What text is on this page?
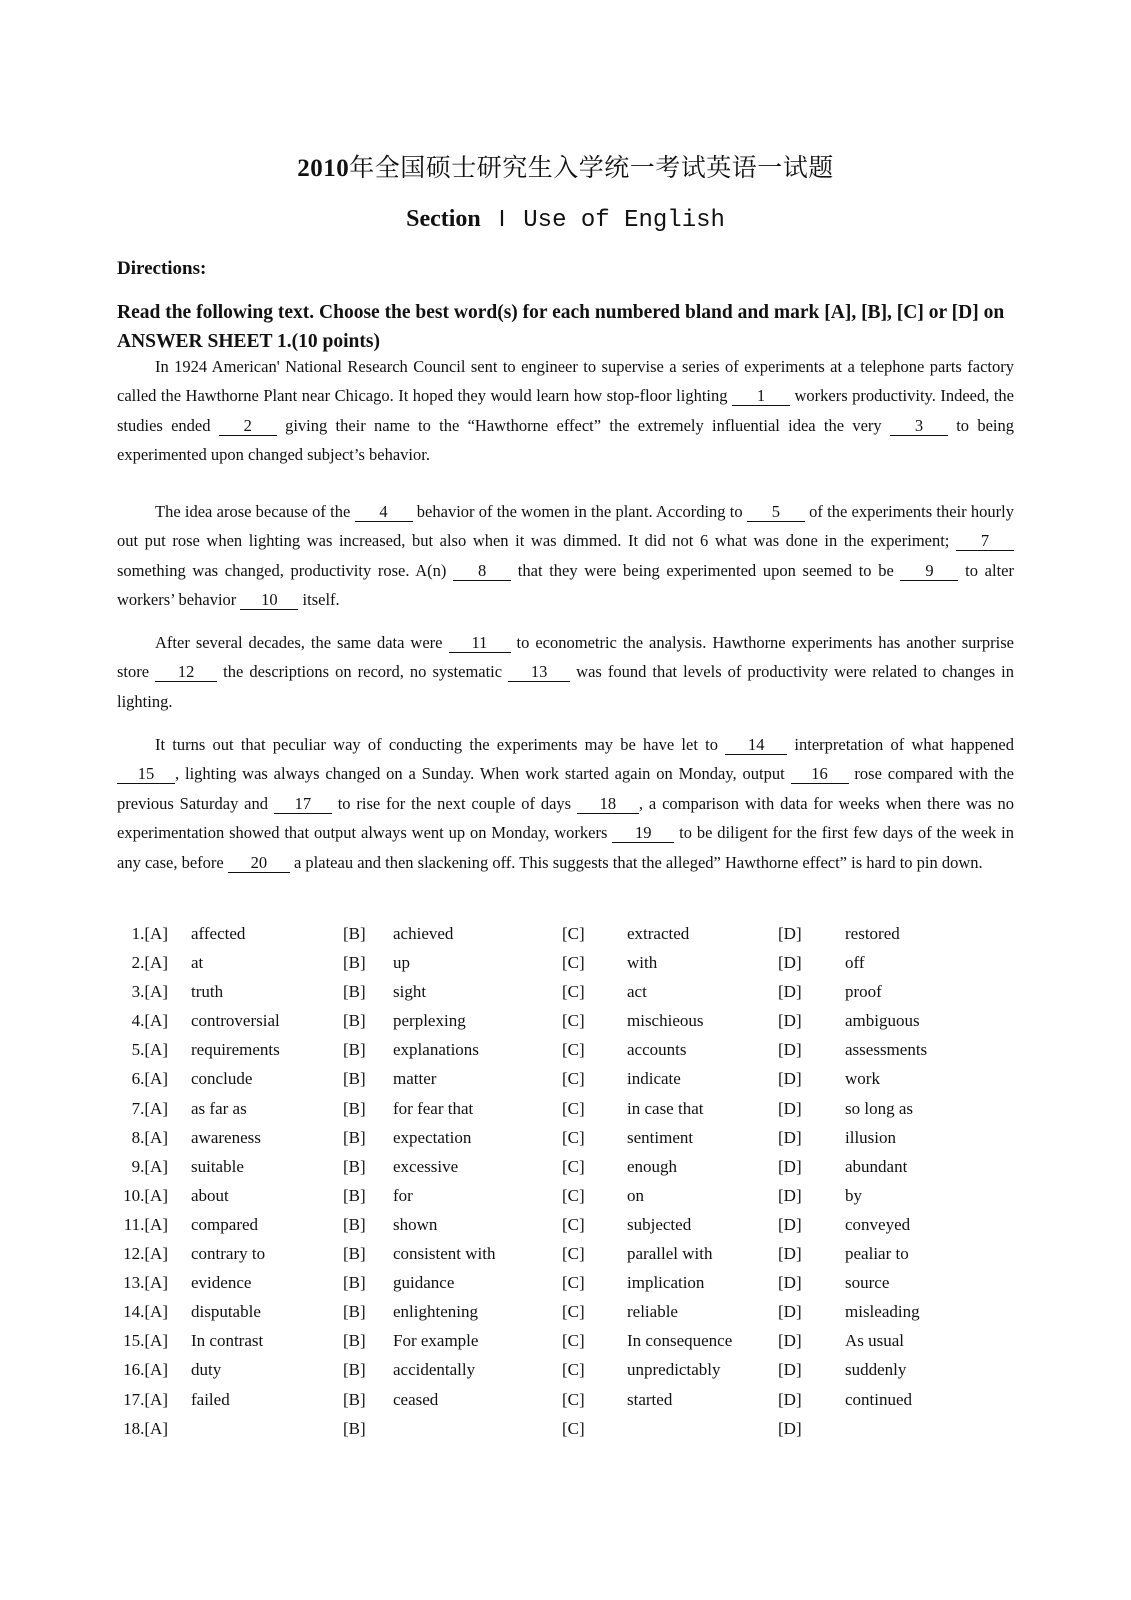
2010年全国硕士研究生入学统一考试英语一试题
Section Ⅰ Use of English
Directions:
Read the following text. Choose the best word(s) for each numbered bland and mark [A], [B], [C] or [D] on ANSWER SHEET 1.(10 points)

In 1924 American' National Research Council sent to engineer to supervise a series of experiments at a telephone parts factory called the Hawthorne Plant near Chicago. It hoped they would learn how stop-floor lighting 1 workers productivity. Indeed, the studies ended 2 giving their name to the “Hawthorne effect” the extremely influential idea the very 3 to being experimented upon changed subject’s behavior.

The idea arose because of the 4 behavior of the women in the plant. According to 5 of the experiments their hourly out put rose when lighting was increased, but also when it was dimmed. It did not 6 what was done in the experiment; 7 something was changed, productivity rose. A(n) 8 that they were being experimented upon seemed to be 9 to alter workers’ behavior 10 itself.

After several decades, the same data were 11 to econometric the analysis. Hawthorne experiments has another surprise store 12 the descriptions on record, no systematic 13 was found that levels of productivity were related to changes in lighting.

It turns out that peculiar way of conducting the experiments may be have let to 14 interpretation of what happened 15 , lighting was always changed on a Sunday. When work started again on Monday, output 16 rose compared with the previous Saturday and 17 to rise for the next couple of days 18 , a comparison with data for weeks when there was no experimentation showed that output always went up on Monday, workers 19 to be diligent for the first few days of the week in any case, before 20 a plateau and then slackening off. This suggests that the alleged” Hawthorne effect” is hard to pin down.

1.[A] affected	[B] achieved	[C] extracted	[D]	restored
2.[A] at	[B] up	[C] with	[D]	off
3.[A] truth	[B] sight	[C] act	[D]	proof
4.[A] controversial	[B] perplexing	[C] mischieous	[D]	ambiguous
5.[A] requirements	[B] explanations	[C] accounts	[D]	assessments
6.[A] conclude	[B] matter	[C] indicate	[D]	work
7.[A] as far as	[B] for fear that	[C] in case that	[D]	so long as
8.[A] awareness	[B] expectation	[C] sentiment	[D]	illusion
9.[A] suitable	[B] excessive	[C] enough	[D]	abundant
10.[A] about	[B] for	[C] on	[D]	by
11.[A] compared	[B] shown	[C] subjected	[D]	conveyed
12.[A] contrary to	[B] consistent with	[C] parallel with	[D]	pealiar to
13.[A] evidence	[B] guidance	[C] implication	[D]	source
14.[A] disputable	[B] enlightening	[C] reliable	[D]	misleading
15.[A] In contrast	[B] For example	[C] In consequence	[D]	As usual
16.[A] duty	[B] accidentally	[C] unpredictably	[D]	suddenly
17.[A] failed	[B] ceased	[C] started	[D]	continued
18.[A]	[B]	[C]	[D]
